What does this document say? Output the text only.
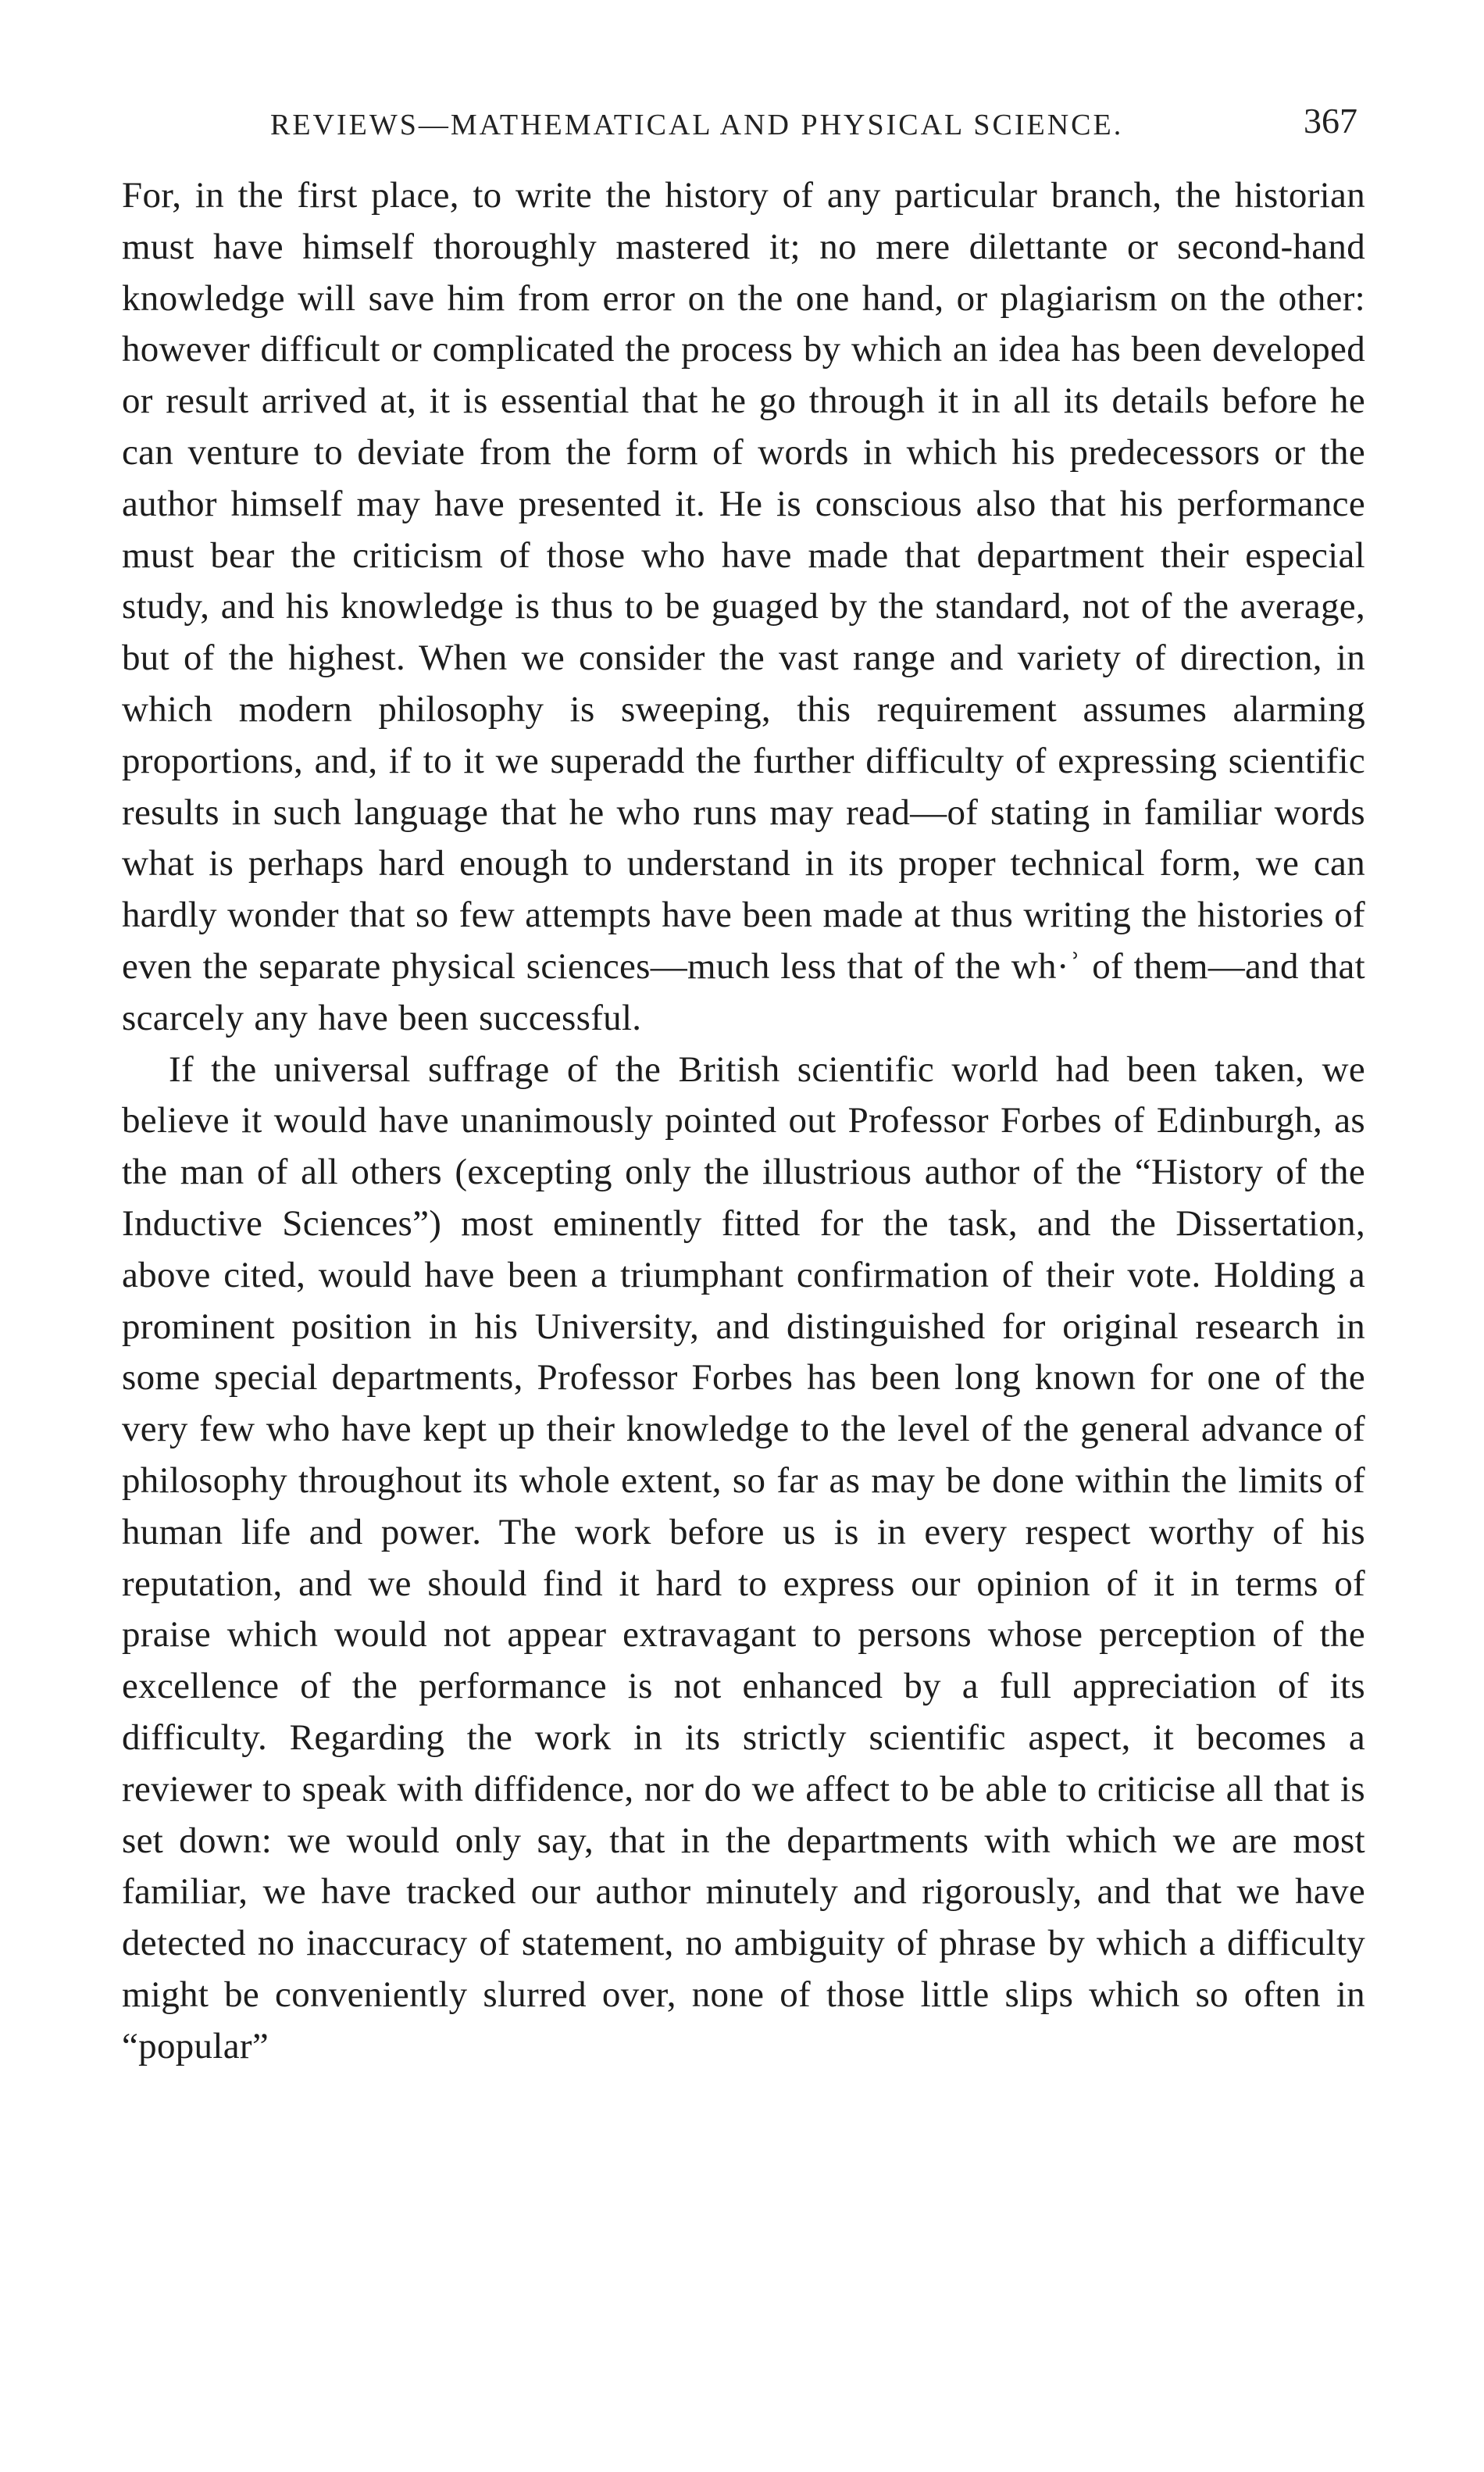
REVIEWS—MATHEMATICAL AND PHYSICAL SCIENCE.	367

For, in the first place, to write the history of any particular branch, the historian must have himself thoroughly mastered it; no mere dilettante or second-hand knowledge will save him from error on the one hand, or plagiarism on the other: however difficult or complicated the process by which an idea has been developed or result arrived at, it is essential that he go through it in all its details before he can venture to deviate from the form of words in which his predecessors or the author himself may have presented it. He is conscious also that his performance must bear the criticism of those who have made that department their especial study, and his knowledge is thus to be guaged by the standard, not of the average, but of the highest. When we consider the vast range and variety of direction, in which modern philosophy is sweeping, this requirement assumes alarming proportions, and, if to it we superadd the further difficulty of expressing scientific results in such language that he who runs may read—of stating in familiar words what is perhaps hard enough to understand in its proper technical form, we can hardly wonder that so few attempts have been made at thus writing the histories of even the separate physical sciences—much less that of the wh·ʾ of them—and that scarcely any have been successful.

If the universal suffrage of the British scientific world had been taken, we believe it would have unanimously pointed out Professor Forbes of Edinburgh, as the man of all others (excepting only the illustrious author of the “History of the Inductive Sciences”) most eminently fitted for the task, and the Dissertation, above cited, would have been a triumphant confirmation of their vote. Holding a prominent position in his University, and distinguished for original research in some special departments, Professor Forbes has been long known for one of the very few who have kept up their knowledge to the level of the general advance of philosophy throughout its whole extent, so far as may be done within the limits of human life and power. The work before us is in every respect worthy of his reputation, and we should find it hard to express our opinion of it in terms of praise which would not appear extravagant to persons whose perception of the excellence of the performance is not enhanced by a full appreciation of its difficulty. Regarding the work in its strictly scientific aspect, it becomes a reviewer to speak with diffidence, nor do we affect to be able to criticise all that is set down: we would only say, that in the departments with which we are most familiar, we have tracked our author minutely and rigorously, and that we have detected no inaccuracy of statement, no ambiguity of phrase by which a difficulty might be conveniently slurred over, none of those little slips which so often in “popular”
